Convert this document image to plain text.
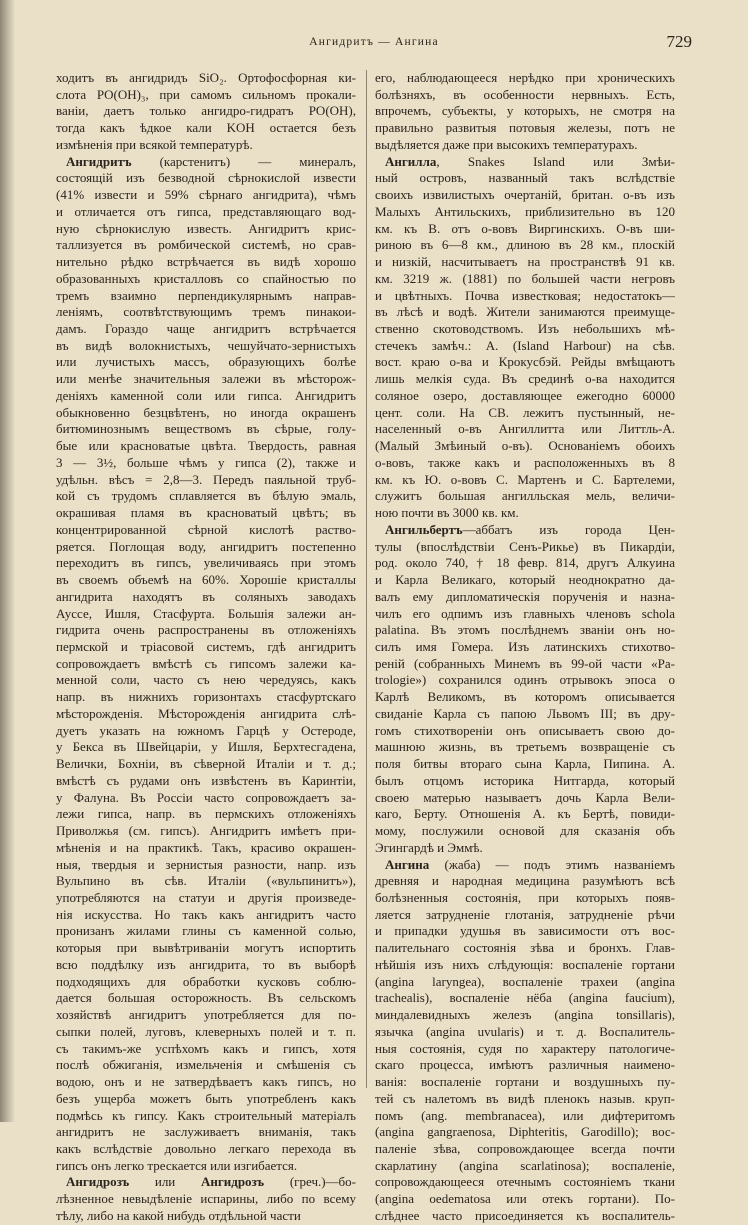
Ангидритъ — Ангина	729
ходитъ въ ангидридъ SiO₂. Ортофосфорная ки-
слота PO(OH)₃, при самомъ сильномъ прокали-
ваніи, даетъ только ангидро-гидратъ PO(OH),
тогда какъ ѣдкое кали KOH остается безъ
измѣненія при всякой температурѣ.
Ангидритъ (карстенитъ) — минералъ,
состоящій изъ безводной сѣрнокислой извести
(41% извести и 59% сѣрнаго ангидрита), чѣмъ
и отличается отъ гипса, представляющаго вод-
ную сѣрнокислую известь. Ангидритъ крис-
таллизуется въ ромбической системѣ, но срав-
нительно рѣдко встрѣчается въ видѣ хорошо
образованныхъ кристалловъ со спайностью по
тремъ взаимно перпендикулярнымъ направ-
леніямъ, соотвѣтствующимъ тремъ пинакои-
дамъ. Гораздо чаще ангидритъ встрѣчается
въ видѣ волокнистыхъ, чешуйчато-зернистыхъ
или лучистыхъ массъ, образующихъ болѣе
или менѣе значительныя залежи въ мѣсторож-
деніяхъ каменной соли или гипса. Ангидритъ
обыкновенно безцвѣтенъ, но иногда окрашенъ
битюминознымъ веществомъ въ сѣрые, голу-
бые или красноватые цвѣта. Твердость, равная
3 — 3½, больше чѣмъ у гипса (2), также и
удѣльн. вѣсъ = 2,8—3. Передъ паяльной труб-
кой съ трудомъ сплавляется въ бѣлую эмаль,
окрашивая пламя въ красноватый цвѣтъ; въ
концентрированной сѣрной кислотѣ раство-
ряется. Поглощая воду, ангидритъ постепенно
переходитъ въ гипсъ, увеличиваясь при этомъ
въ своемъ объемѣ на 60%. Хорошіе кристаллы
ангидрита находятъ въ соляныхъ заводахъ
Ауссе, Ишля, Стасфурта. Большія залежи ан-
гидрита очень распространены въ отложеніяхъ
пермской и тріасовой системъ, гдѣ ангидритъ
сопровождаетъ вмѣстѣ съ гипсомъ залежи ка-
менной соли, часто съ нею чередуясь, какъ
напр. въ нижнихъ горизонтахъ стасфуртскаго
мѣсторожденія. Мѣсторожденія ангидрита слѣ-
дуетъ указать на южномъ Гарцѣ у Остероде,
у Бекса въ Швейцаріи, у Ишля, Берхтесгадена,
Велички, Бохніи, въ сѣверной Италіи и т. д.;
вмѣстѣ съ рудами онъ извѣстенъ въ Каринтіи,
у Фалуна. Въ Россіи часто сопровождаетъ за-
лежи гипса, напр. въ пермскихъ отложеніяхъ
Приволжья (см. гипсъ). Ангидритъ имѣетъ при-
мѣненія и на практикѣ. Такъ, красиво окрашен-
ныя, твердыя и зернистыя разности, напр. изъ
Вульпино въ сѣв. Италіи («вульпинитъ»),
употребляются на статуи и другія произведе-
нія искусства. Но такъ какъ ангидритъ часто
пронизанъ жилами глины съ каменной солью,
которыя при вывѣтриваніи могутъ испортить
всю поддѣлку изъ ангидрита, то въ выборѣ
подходящихъ для обработки кусковъ соблю-
дается большая осторожность. Въ сельскомъ
хозяйствѣ ангидритъ употребляется для по-
сыпки полей, луговъ, клеверныхъ полей и т. п.
съ такимъ-же успѣхомъ какъ и гипсъ, хотя
послѣ обжиганія, измельченія и смѣшенія съ
водою, онъ и не затвердѣваетъ какъ гипсъ, но
безъ ущерба можетъ быть употребленъ какъ
подмѣсь къ гипсу. Какъ строительный матеріалъ
ангидритъ не заслуживаетъ вниманія, такъ
какъ вслѣдствіе довольно легкаго перехода въ
гипсъ онъ легко трескается или изгибается.
Ангидрозъ или Ангидрозъ (греч.)—бо-
лѣзненное невыдѣленіе испарины, либо по всему
тѣлу, либо на какой нибудь отдѣльной части
его, наблюдающееся нерѣдко при хроническихъ
болѣзняхъ, въ особенности нервныхъ. Есть,
впрочемъ, субъекты, у которыхъ, не смотря на
правильно развитыя потовыя железы, потъ не
выдѣляется даже при высокихъ температурахъ.
Ангилла, Snakes Island или Змѣи-
ный островъ, названный такъ вслѣдствіе
своихъ извилистыхъ очертаній, британ. о-въ изъ
Малыхъ Антильскихъ, приблизительно въ 120
км. къ В. отъ о-вовъ Виргинскихъ. О-въ ши-
риною въ 6—8 км., длиною въ 28 км., плоскій
и низкій, насчитываетъ на пространствѣ 91 кв.
км. 3219 ж. (1881) по большей части негровъ
и цвѣтныхъ. Почва известковая; недостатокъ—
въ лѣсѣ и водѣ. Жители занимаются преимуще-
ственно скотоводствомъ. Изъ небольшихъ мѣ-
стечекъ замѣч.: А. (Island Harbour) на сѣв.
вост. краю о-ва и Крокусбэй. Рейды вмѣщаютъ
лишь мелкія суда. Въ срединѣ о-ва находится
соляное озеро, доставляющее ежегодно 60000
цент. соли. На СВ. лежитъ пустынный, не-
населенный о-въ Ангиллитта или Литтль-А.
(Малый Змѣиный о-въ). Основаніемъ обоихъ
о-вовъ, также какъ и расположенныхъ въ 8
км. къ Ю. о-вовъ С. Мартенъ и С. Бартелеми,
служитъ большая ангилльская мель, величи-
ною почти въ 3000 кв. км.
Ангильбертъ—аббатъ изъ города Цен-
тулы (впослѣдствіи Сенъ-Рикье) въ Пикардіи,
род. около 740, † 18 февр. 814, другъ Алкуина
и Карла Великаго, который неоднократно да-
валъ ему дипломатическія порученія и назна-
чилъ его одпимъ изъ главныхъ членовъ schola
palatina. Въ этомъ послѣднемъ званіи онъ но-
силъ имя Гомера. Изъ латинскихъ стихотво-
реній (собранныхъ Минемъ въ 99-ой части «Pa-
trologie») сохранился одинъ отрывокъ эпоса о
Карлѣ Великомъ, въ которомъ описывается
свиданіе Карла съ папою Львомъ III; въ дру-
гомъ стихотвореніи онъ описываетъ свою до-
машнюю жизнь, въ третьемъ возвращеніе съ
поля битвы втораго сына Карла, Пипина. А.
былъ отцомъ историка Нитгарда, который
своею матерью называетъ дочь Карла Вели-
каго, Берту. Отношенія А. къ Бертѣ, повиди-
мому, послужили основой для сказанія объ
Эгингардѣ и Эммѣ.
Ангина (жаба) — подъ этимъ названіемъ
древняя и народная медицина разумѣютъ всѣ
болѣзненныя состоянія, при которыхъ появ-
ляется затрудненіе глотанія, затрудненіе рѣчи
и припадки удушья въ зависимости отъ вос-
палительнаго состоянія зѣва и бронхъ. Глав-
нѣйшія изъ нихъ слѣдующія: воспаленіе гортани
(angina laryngea), воспаленіе трахеи (angina
trachealis), воспаленіе нёба (angina faucium),
миндалевидныхъ железъ (angina tonsillaris),
язычка (angina uvularis) и т. д. Воспалитель-
ныя состоянія, судя по характеру патологиче-
скаго процесса, имѣютъ различныя наименo-
ванія: воспаленіе гортани и воздушныхъ пу-
тей съ налетомъ въ видѣ пленокъ назыв. круп-
помъ (ang. membranacea), или дифтеритомъ
(angina gangraenosa, Diphteritis, Garodillo); вос-
паленіе зѣва, сопровождающее всегда почти
скарлатину (angina scarlatinosa); воспаленіе,
сопровождающееся отечнымъ состояніемъ ткани
(angina oedematosa или отекъ гортани). По-
слѣднее часто присоединяется къ воспалитель-
